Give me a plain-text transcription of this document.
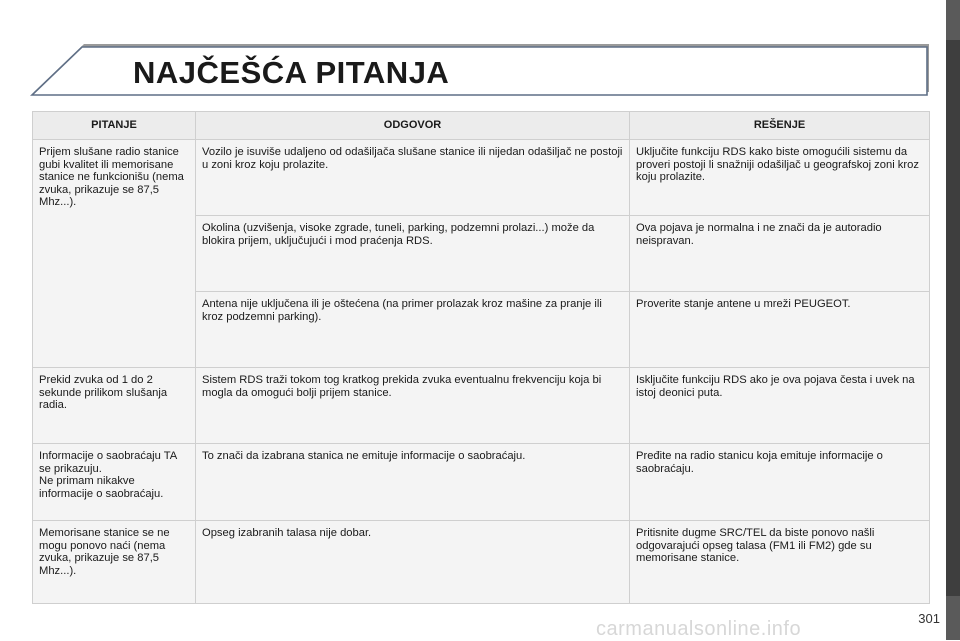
NAJČEŠĆA PITANJA
PITANJE	ODGOVOR	REŠENJE
Prijem slušane radio stanice gubi kvalitet ili memorisane stanice ne funkcionišu (nema zvuka, prikazuje se 87,5 Mhz...).	Vozilo je isuviše udaljeno od odašiljača slušane stanice ili nijedan odašiljač ne postoji u zoni kroz koju prolazite.	Uključite funkciju RDS kako biste omogućili sistemu da proveri postoji li snažniji odašiljač u geografskoj zoni kroz koju prolazite.
	Okolina (uzvišenja, visoke zgrade, tuneli, parking, podzemni prolazi...) može da blokira prijem, uključujući i mod praćenja RDS.	Ova pojava je normalna i ne znači da je autoradio neispravan.
	Antena nije uključena ili je oštećena (na primer prolazak kroz mašine za pranje ili kroz podzemni parking).	Proverite stanje antene u mreži PEUGEOT.
Prekid zvuka od 1 do 2 sekunde prilikom slušanja radia.	Sistem RDS traži tokom tog kratkog prekida zvuka eventualnu frekvenciju koja bi mogla da omogući bolji prijem stanice.	Isključite funkciju RDS ako je ova pojava česta i uvek na istoj deonici puta.
Informacije o saobraćaju TA se prikazuju.
Ne primam nikakve informacije o saobraćaju.	To znači da izabrana stanica ne emituje informacije o saobraćaju.	Pređite na radio stanicu koja emituje informacije o saobraćaju.
Memorisane stanice se ne mogu ponovo naći (nema zvuka, prikazuje se 87,5 Mhz...).	Opseg izabranih talasa nije dobar.	Pritisnite dugme SRC/TEL da biste ponovo našli odgovarajući opseg talasa (FM1 ili FM2) gde su memorisane stanice.
carmanualsonline.info	301
